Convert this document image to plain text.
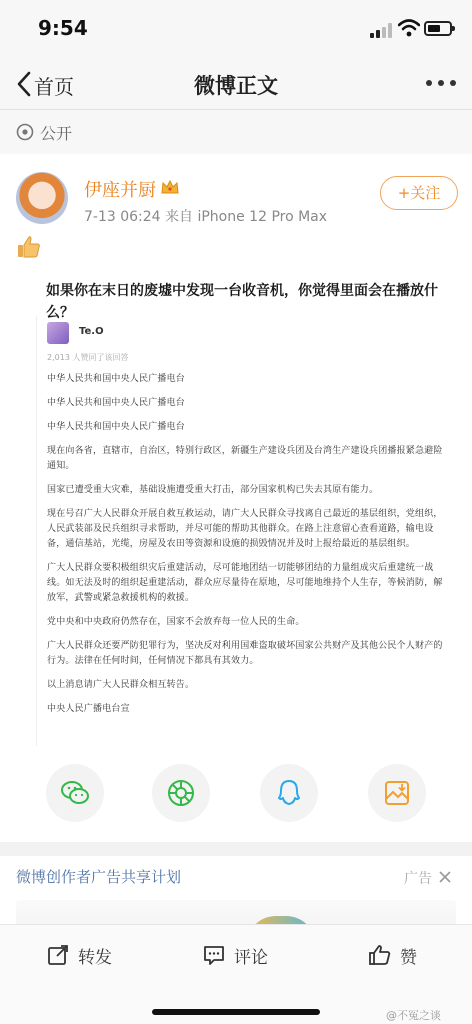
9:54
首页	微博正文
公开
伊座并厨
7-13 06:24 来自 iPhone 12 Pro Max
+关注
如果你在末日的废墟中发现一台收音机，你觉得里面会在播放什么？
Te.O
2,013 人赞同了该回答

中华人民共和国中央人民广播电台

中华人民共和国中央人民广播电台

中华人民共和国中央人民广播电台

现在向各省，直辖市，自治区，特别行政区，新疆生产建设兵团及台湾生产建设兵团播报紧急避险通知。

国家已遭受重大灾难，基础设施遭受重大打击，部分国家机构已失去其原有能力。

现在号召广大人民群众开展自救互救运动，请广大人民群众寻找离自己最近的基层组织，党组织，人民武装部及民兵组织寻求帮助，并尽可能的帮助其他群众。在路上注意留心查看道路，输电设备，通信基站，光缆，房屋及农田等资源和设施的损毁情况并及时上报给最近的基层组织。

广大人民群众要积极组织灾后重建活动，尽可能地团结一切能够团结的力量组成灾后重建统一战线。如无法及时的组织起重建活动，群众应尽量待在原地，尽可能地维持个人生存，等候消防，解放军，武警或紧急救援机构的救援。

党中央和中央政府仍然存在，国家不会放弃每一位人民的生命。

广大人民群众还要严防犯罪行为，坚决反对利用国难盗取破坏国家公共财产及其他公民个人财产的行为。法律在任何时间，任何情况下都具有其效力。

以上消息请广大人民群众相互转告。

中央人民广播电台宣

微博创作者广告共享计划	广告
转发	评论	赞
@不冤之谈
